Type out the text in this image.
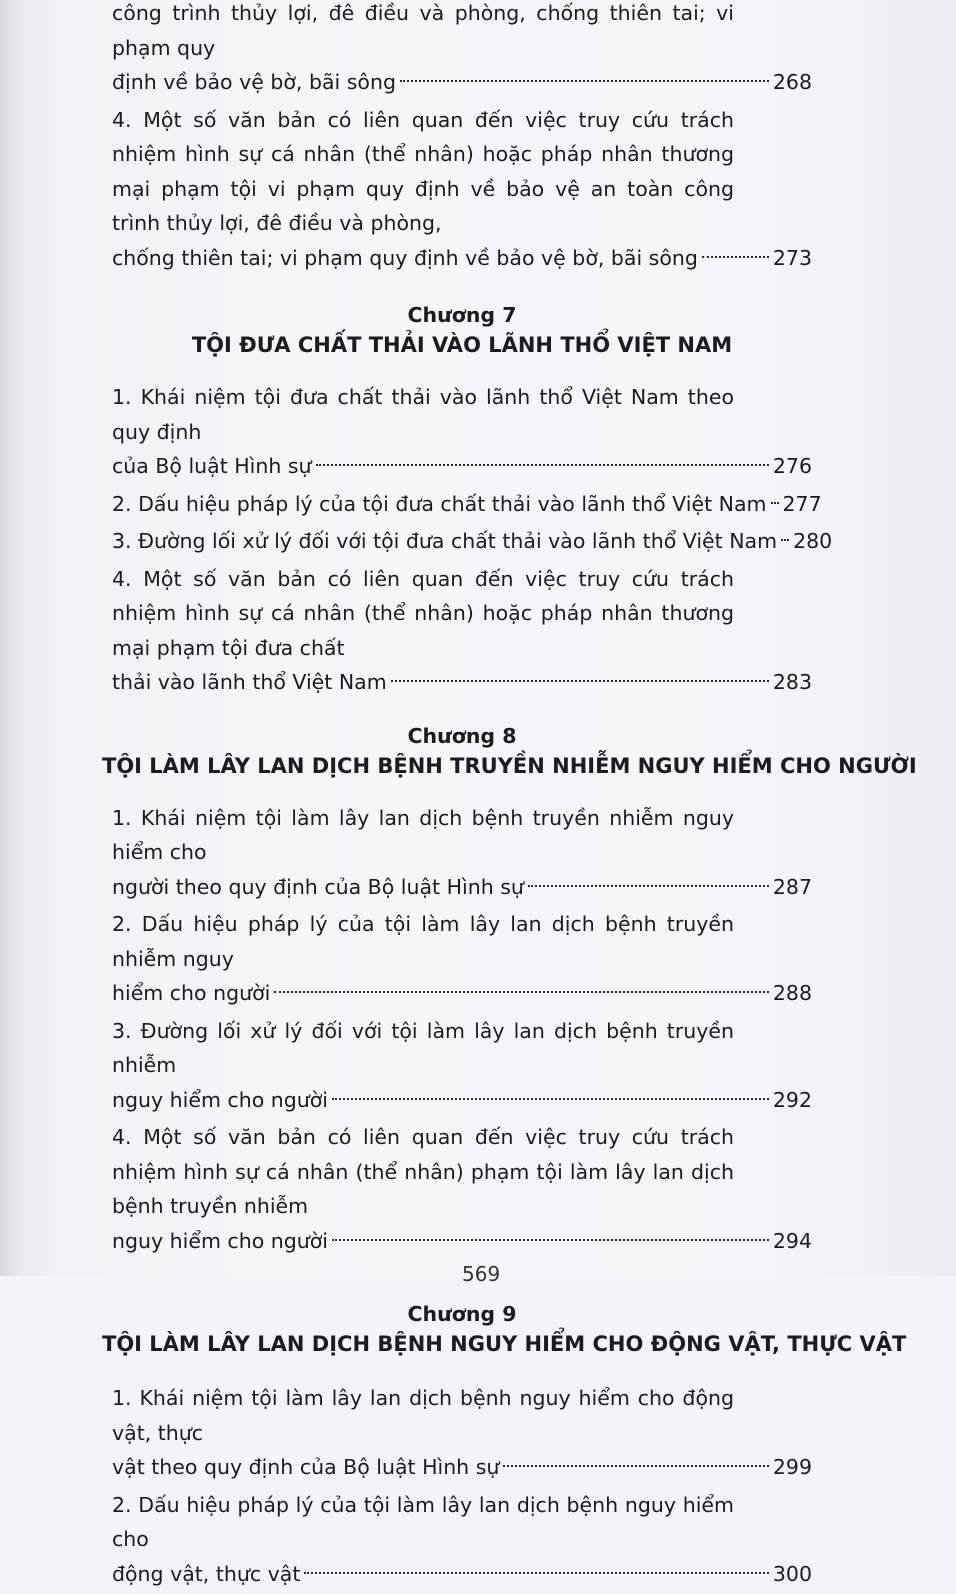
công trình thủy lợi, đê điều và phòng, chống thiên tai; vi phạm quy
định về bảo vệ bờ, bãi sông	268
4. Một số văn bản có liên quan đến việc truy cứu trách nhiệm hình sự cá nhân (thể nhân) hoặc pháp nhân thương mại phạm tội vi phạm quy định về bảo vệ an toàn công trình thủy lợi, đê điều và phòng,
chống thiên tai; vi phạm quy định về bảo vệ bờ, bãi sông	273
Chương 7
TỘI ĐƯA CHẤT THẢI VÀO LÃNH THỔ VIỆT NAM
1. Khái niệm tội đưa chất thải vào lãnh thổ Việt Nam theo quy định
của Bộ luật Hình sự	276
2. Dấu hiệu pháp lý của tội đưa chất thải vào lãnh thổ Việt Nam 277
3. Đường lối xử lý đối với tội đưa chất thải vào lãnh thổ Việt Nam 280
4. Một số văn bản có liên quan đến việc truy cứu trách nhiệm hình sự cá nhân (thể nhân) hoặc pháp nhân thương mại phạm tội đưa chất
thải vào lãnh thổ Việt Nam	283
Chương 8
TỘI LÀM LÂY LAN DỊCH BỆNH TRUYỀN NHIỄM NGUY HIỂM CHO NGƯỜI
1. Khái niệm tội làm lây lan dịch bệnh truyền nhiễm nguy hiểm cho
người theo quy định của Bộ luật Hình sự	287
2. Dấu hiệu pháp lý của tội làm lây lan dịch bệnh truyền nhiễm nguy
hiểm cho người	288
3. Đường lối xử lý đối với tội làm lây lan dịch bệnh truyền nhiễm
nguy hiểm cho người	292
4. Một số văn bản có liên quan đến việc truy cứu trách nhiệm hình sự cá nhân (thể nhân) phạm tội làm lây lan dịch bệnh truyền nhiễm
nguy hiểm cho người	294
Chương 9
TỘI LÀM LÂY LAN DỊCH BỆNH NGUY HIỂM CHO ĐỘNG VẬT, THỰC VẬT
1. Khái niệm tội làm lây lan dịch bệnh nguy hiểm cho động vật, thực
vật theo quy định của Bộ luật Hình sự	299
2. Dấu hiệu pháp lý của tội làm lây lan dịch bệnh nguy hiểm cho
động vật, thực vật	300
569
